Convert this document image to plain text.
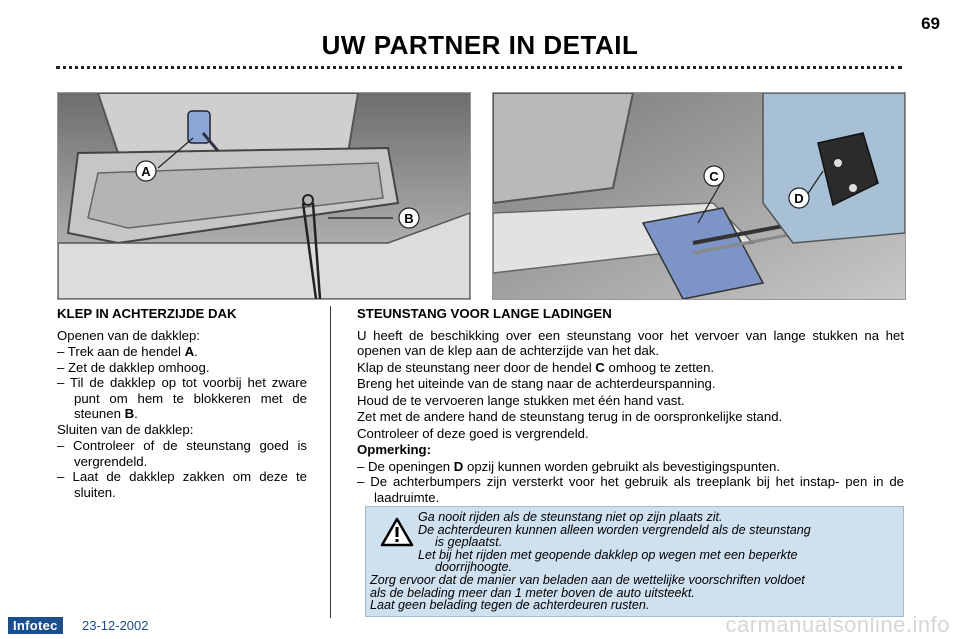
UW PARTNER IN DETAIL
69
A
B
C
D
KLEP IN ACHTERZIJDE DAK

Openen van de dakklep:

– Trek aan de hendel A.

– Zet de dakklep omhoog.

– Til de dakklep op tot voorbij het zware punt om hem te blokkeren met de steunen B.

Sluiten van de dakklep:

– Controleer of de steunstang goed is vergrendeld.

– Laat de dakklep zakken om deze te sluiten.

STEUNSTANG VOOR LANGE LADINGEN

U heeft de beschikking over een steunstang voor het vervoer van lange stukken na het openen van de klep aan de achterzijde van het dak.

Klap de steunstang neer door de hendel C omhoog te zetten.

Breng het uiteinde van de stang naar de achterdeurspanning.

Houd de te vervoeren lange stukken met één hand vast.

Zet met de andere hand de steunstang terug in de oorspronkelijke stand.

Controleer of deze goed is vergrendeld.

Opmerking:

– De openingen D opzij kunnen worden gebruikt als bevestigingspunten.

– De achterbumpers zijn versterkt voor het gebruik als treeplank bij het instap- pen in de laadruimte.

Ga nooit rijden als de steunstang niet op zijn plaats zit.
De achterdeuren kunnen alleen worden vergrendeld als de steunstang
is geplaatst.
Let bij het rijden met geopende dakklep op wegen met een beperkte
doorrijhoogte.
Zorg ervoor dat de manier van beladen aan de wettelijke voorschriften voldoet
als de belading meer dan 1 meter boven de auto uitsteekt.
Laat geen belading tegen de achterdeuren rusten.
Infotec	23-12-2002	carmanualsonline.info
